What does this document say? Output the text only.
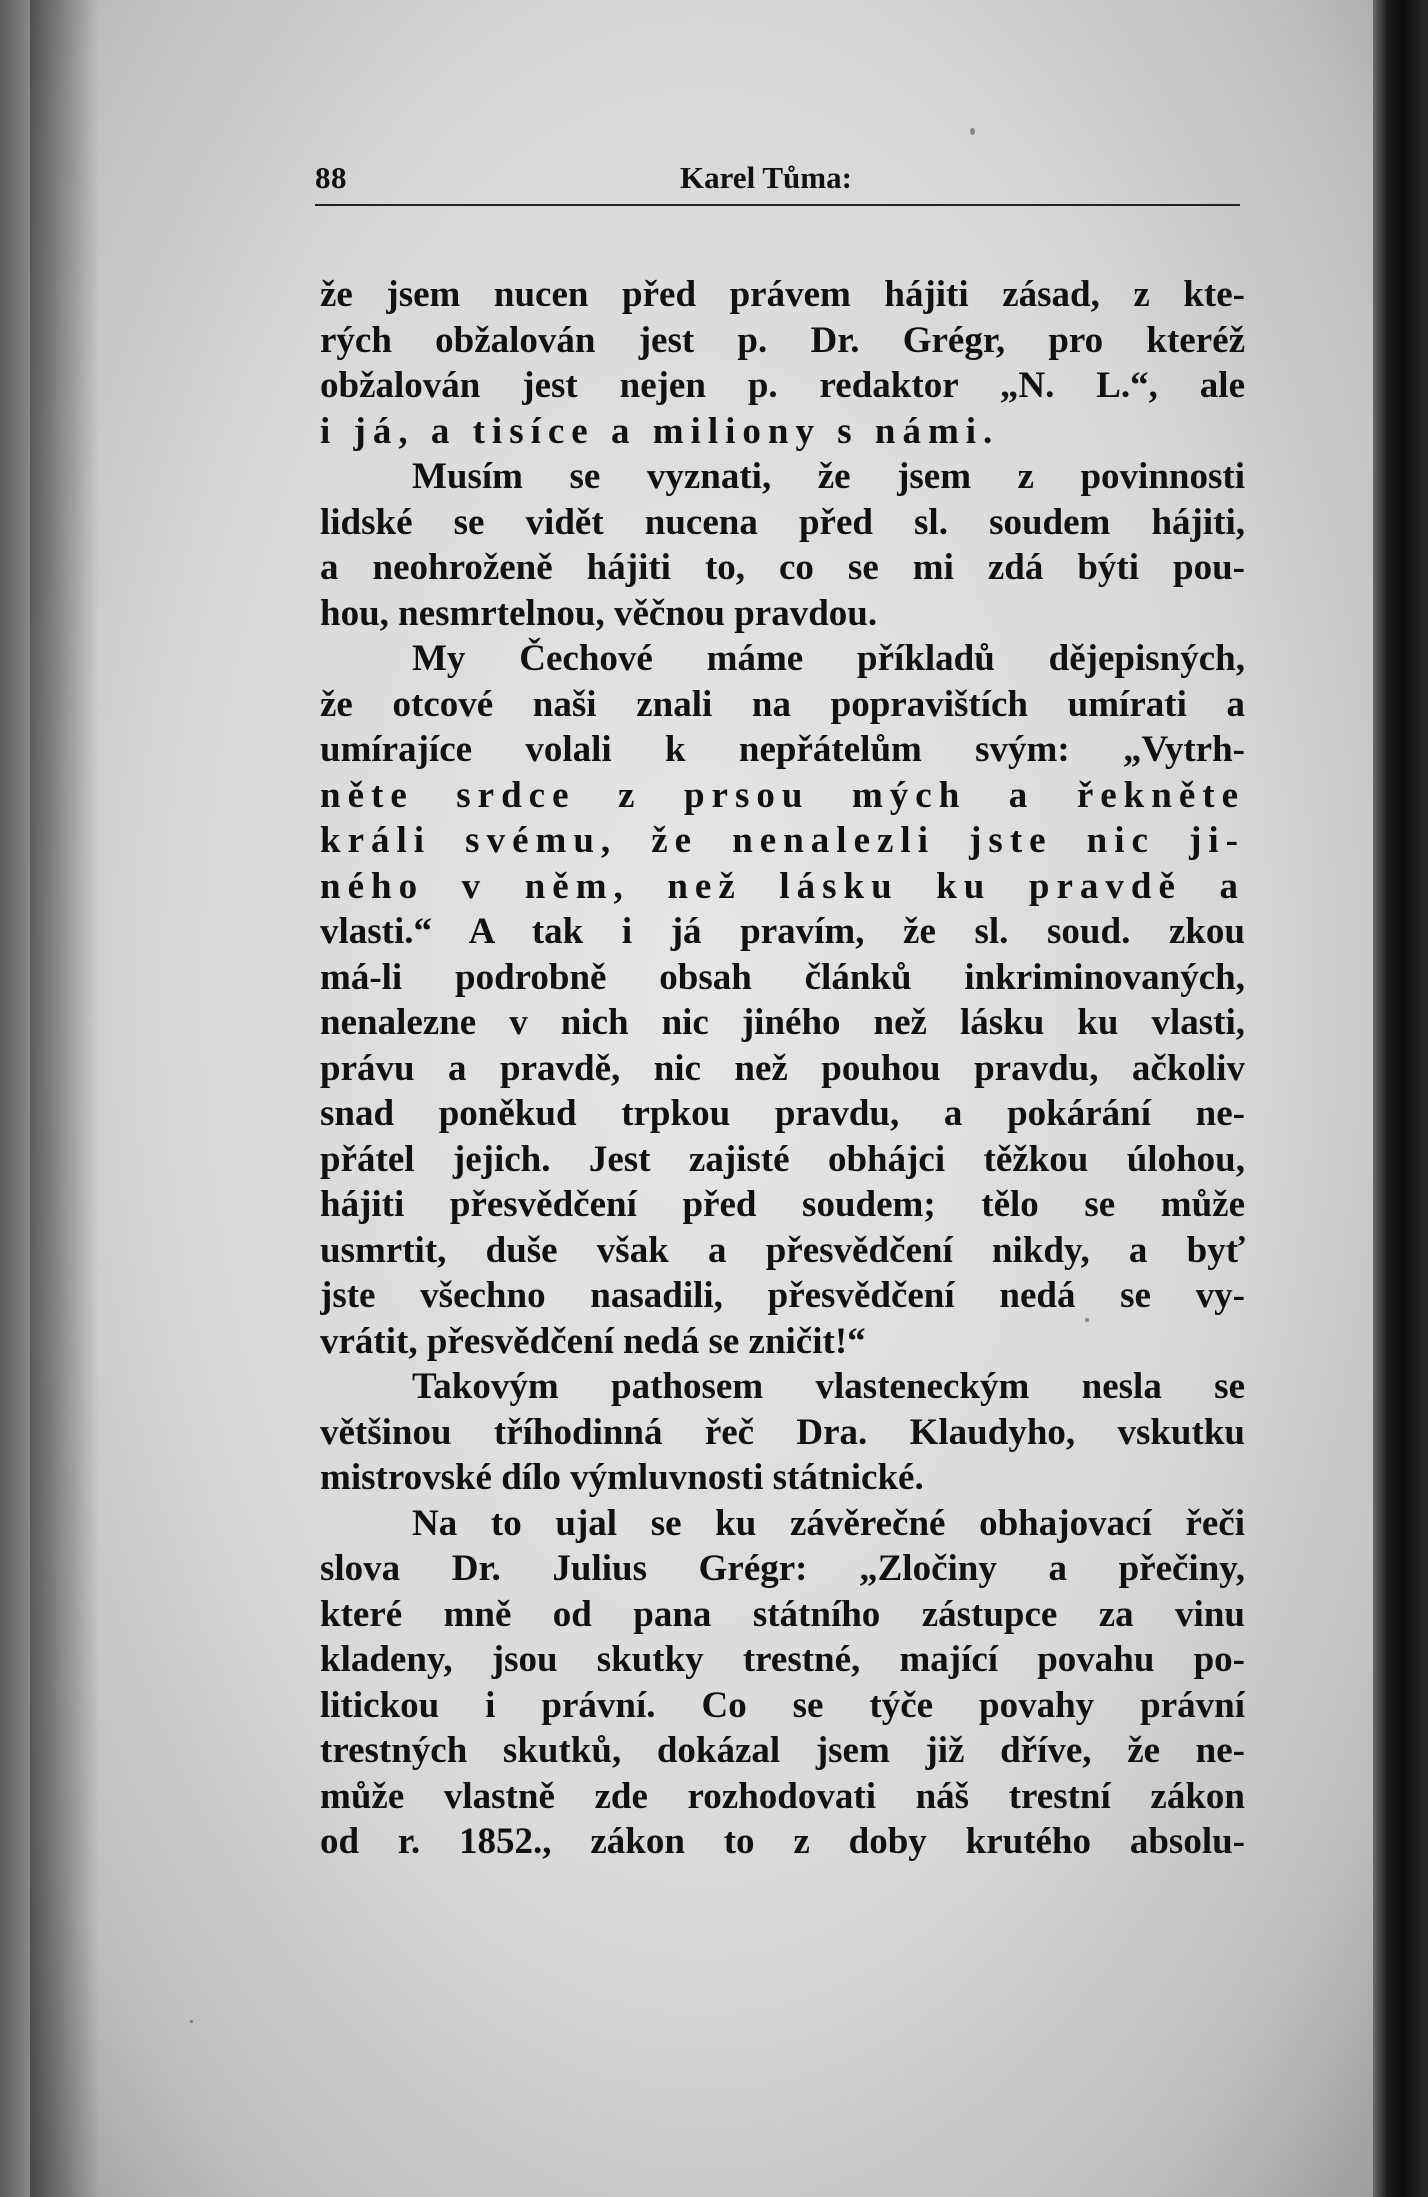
88	Karel Tůma:
že jsem nucen před právem hájiti zásad, z kte-
rých obžalován jest p. Dr. Grégr, pro kteréž
obžalován jest nejen p. redaktor „N. L.“, ale
i já, a tisíce a miliony s námi.
Musím se vyznati, že jsem z povinnosti
lidské se vidět nucena před sl. soudem hájiti,
a neohroženě hájiti to, co se mi zdá býti pou-
hou, nesmrtelnou, věčnou pravdou.
My Čechové máme příkladů dějepisných,
že otcové naši znali na popravištích umírati a
umírajíce volali k nepřátelům svým: „Vytrh-
něte srdce z prsou mých a řekněte
králi svému, že nenalezli jste nic ji-
ného v něm, než lásku ku pravdě a
vlasti.“ A tak i já pravím, že sl. soud. zkou
má-li podrobně obsah článků inkriminovaných,
nenalezne v nich nic jiného než lásku ku vlasti,
právu a pravdě, nic než pouhou pravdu, ačkoliv
snad poněkud trpkou pravdu, a pokárání ne-
přátel jejich. Jest zajisté obhájci těžkou úlohou,
hájiti přesvědčení před soudem; tělo se může
usmrtit, duše však a přesvědčení nikdy, a byť
jste všechno nasadili, přesvědčení nedá se vy-
vrátit, přesvědčení nedá se zničit!“
Takovým pathosem vlasteneckým nesla se
většinou tříhodinná řeč Dra. Klaudyho, vskutku
mistrovské dílo výmluvnosti státnické.
Na to ujal se ku závěrečné obhajovací řeči
slova Dr. Julius Grégr: „Zločiny a přečiny,
které mně od pana státního zástupce za vinu
kladeny, jsou skutky trestné, mající povahu po-
litickou i právní. Co se týče povahy právní
trestných skutků, dokázal jsem již dříve, že ne-
může vlastně zde rozhodovati náš trestní zákon
od r. 1852., zákon to z doby krutého absolu-
